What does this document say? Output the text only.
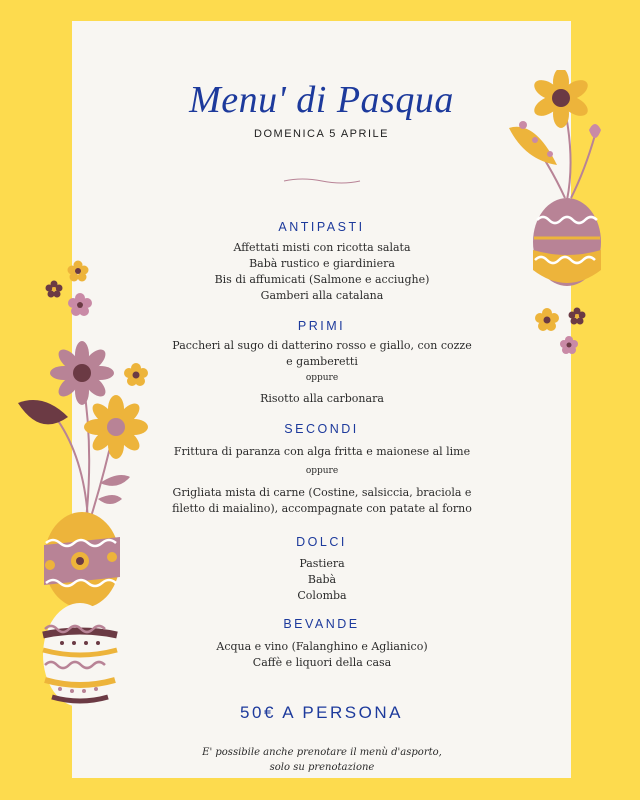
Menu' di Pasqua
DOMENICA 5 APRILE
ANTIPASTI
Affettati misti con ricotta salata
Babà rustico e giardiniera
Bis di affumicati (Salmone e acciughe)
Gamberi alla catalana
PRIMI
Paccheri al sugo di datterino rosso e giallo, con cozze e gamberetti
oppure
Risotto alla carbonara
SECONDI
Frittura di paranza con alga fritta e maionese al lime
oppure
Grigliata mista di carne (Costine, salsiccia, braciola e filetto di maialino), accompagnate con patate al forno
DOLCI
Pastiera
Babà
Colomba
BEVANDE
Acqua e vino (Falanghino e Aglianico)
Caffè e liquori della casa
50€ A PERSONA
E' possibile anche prenotare il menù d'asporto,
solo su prenotazione
